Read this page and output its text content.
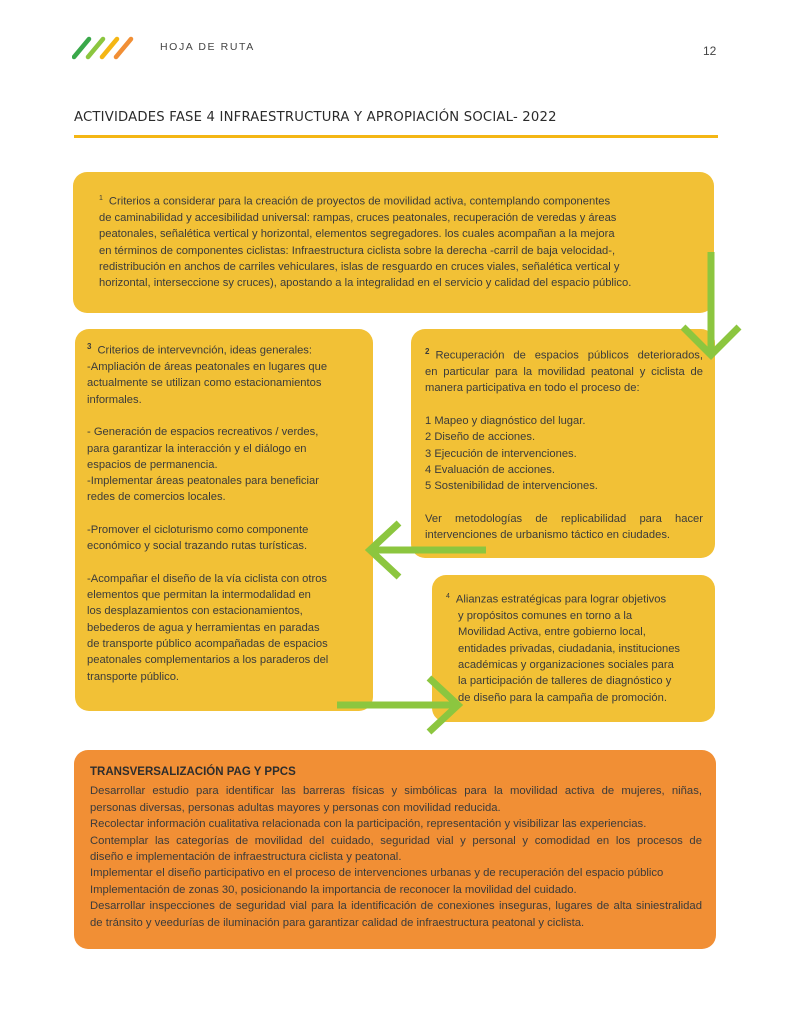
HOJA DE RUTA	12
ACTIVIDADES FASE 4 INFRAESTRUCTURA Y APROPIACIÓN SOCIAL- 2022
$^1$ Criterios a considerar para la creación de proyectos de movilidad activa, contemplando componentes
de caminabilidad y accesibilidad universal: rampas, cruces peatonales, recuperación de veredas y áreas
peatonales, señalética vertical y horizontal, elementos segregadores. los cuales acompañan a la mejora
en términos de componentes ciclistas: Infraestructura ciclista sobre la derecha -carril de baja velocidad-,
redistribución en anchos de carriles vehiculares, islas de resguardo en cruces viales, señalética vertical y
horizontal, interseccione sy cruces), apostando a la integralidad en el servicio y calidad del espacio público.
$^3$ Criterios de intervevnción, ideas generales:
-Ampliación de áreas peatonales en lugares que
actualmente se utilizan como estacionamientos
informales.
- Generación de espacios recreativos / verdes,
para garantizar la interacción y el diálogo en
espacios de permanencia.
-Implementar áreas peatonales para beneficiar
redes de comercios locales.
-Promover el cicloturismo como componente
económico y social trazando rutas turísticas.
-Acompañar el diseño de la vía ciclista con otros
elementos que permitan la intermodalidad en
los desplazamientos con estacionamientos,
bebederos de agua y herramientas en paradas
de transporte público acompañadas de espacios
peatonales complementarios a los paraderos del
transporte público.
$^2$ Recuperación de espacios públicos deteriorados,
en particular para la movilidad peatonal y ciclista de
manera participativa en todo el proceso de:
1 Mapeo y diagnóstico del lugar.
2 Diseño de acciones.
3 Ejecución de intervenciones.
4 Evaluación de acciones.
5 Sostenibilidad de intervenciones.
Ver metodologías de replicabilidad para hacer
intervenciones de urbanismo táctico en ciudades.
$^4$ Alianzas estratégicas para lograr objetivos
y propósitos comunes en torno a la
Movilidad Activa, entre gobierno local,
entidades privadas, ciudadania, instituciones
académicas y organizaciones sociales para
la participación de talleres de diagnóstico y
de diseño para la campaña de promoción.
TRANSVERSALIZACIÓN PAG Y PPCS
Desarrollar estudio para identificar las barreras físicas y simbólicas para la movilidad activa de mujeres, niñas,
personas diversas, personas adultas mayores y personas con movilidad reducida.
Recolectar información cualitativa relacionada con la participación, representación y visibilizar las experiencias.
Contemplar las categorías de movilidad del cuidado, seguridad vial y personal y comodidad en los procesos de
diseño e implementación de infraestructura ciclista y peatonal.
Implementar el diseño participativo en el proceso de intervenciones urbanas y de recuperación del espacio público
Implementación de zonas 30, posicionando la importancia de reconocer la movilidad del cuidado.
Desarrollar inspecciones de seguridad vial para la identificación de conexiones inseguras, lugares de alta siniestralidad
de tránsito y veedurías de iluminación para garantizar calidad de infraestructura peatonal y ciclista.
